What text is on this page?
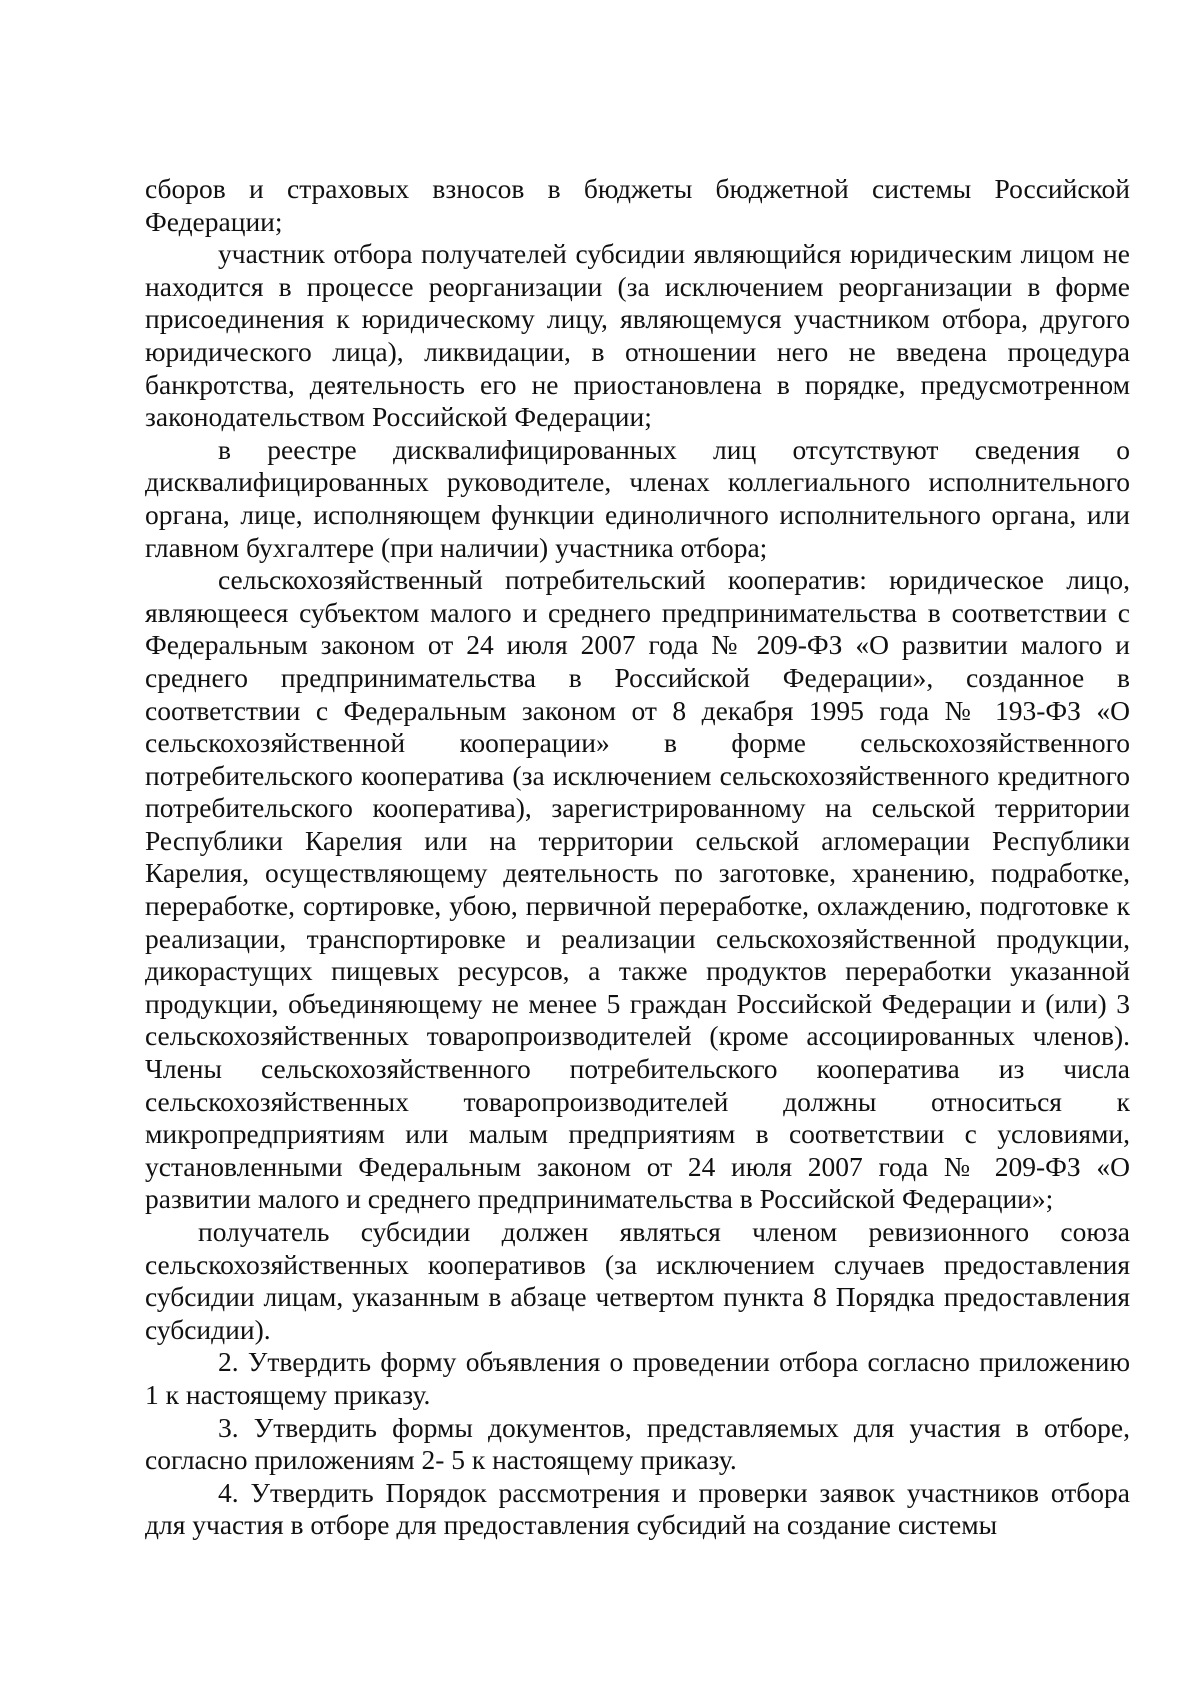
сборов и страховых взносов в бюджеты бюджетной системы Российской Федерации;

участник отбора получателей субсидии являющийся юридическим лицом не находится в процессе реорганизации (за исключением реорганизации в форме присоединения к юридическому лицу, являющемуся участником отбора, другого юридического лица), ликвидации, в отношении него не введена процедура банкротства, деятельность его не приостановлена в порядке, предусмотренном законодательством Российской Федерации;

в реестре дисквалифицированных лиц отсутствуют сведения о дисквалифицированных руководителе, членах коллегиального исполнительного органа, лице, исполняющем функции единоличного исполнительного органа, или главном бухгалтере (при наличии) участника отбора;

сельскохозяйственный потребительский кооператив: юридическое лицо, являющееся субъектом малого и среднего предпринимательства в соответствии с Федеральным законом от 24 июля 2007 года № 209-ФЗ «О развитии малого и среднего предпринимательства в Российской Федерации», созданное в соответствии с Федеральным законом от 8 декабря 1995 года № 193-ФЗ «О сельскохозяйственной кооперации» в форме сельскохозяйственного потребительского кооператива (за исключением сельскохозяйственного кредитного потребительского кооператива), зарегистрированному на сельской территории Республики Карелия или на территории сельской агломерации Республики Карелия, осуществляющему деятельность по заготовке, хранению, подработке, переработке, сортировке, убою, первичной переработке, охлаждению, подготовке к реализации, транспортировке и реализации сельскохозяйственной продукции, дикорастущих пищевых ресурсов, а также продуктов переработки указанной продукции, объединяющему не менее 5 граждан Российской Федерации и (или) 3 сельскохозяйственных товаропроизводителей (кроме ассоциированных членов). Члены сельскохозяйственного потребительского кооператива из числа сельскохозяйственных товаропроизводителей должны относиться к микропредприятиям или малым предприятиям в соответствии с условиями, установленными Федеральным законом от 24 июля 2007 года № 209-ФЗ «О развитии малого и среднего предпринимательства в Российской Федерации»;

получатель субсидии должен являться членом ревизионного союза сельскохозяйственных кооперативов (за исключением случаев предоставления субсидии лицам, указанным в абзаце четвертом пункта 8 Порядка предоставления субсидии).

2. Утвердить форму объявления о проведении отбора согласно приложению 1 к настоящему приказу.

3. Утвердить формы документов, представляемых для участия в отборе, согласно приложениям 2- 5 к настоящему приказу.

4. Утвердить Порядок рассмотрения и проверки заявок участников отбора для участия в отборе для предоставления субсидий на создание системы
